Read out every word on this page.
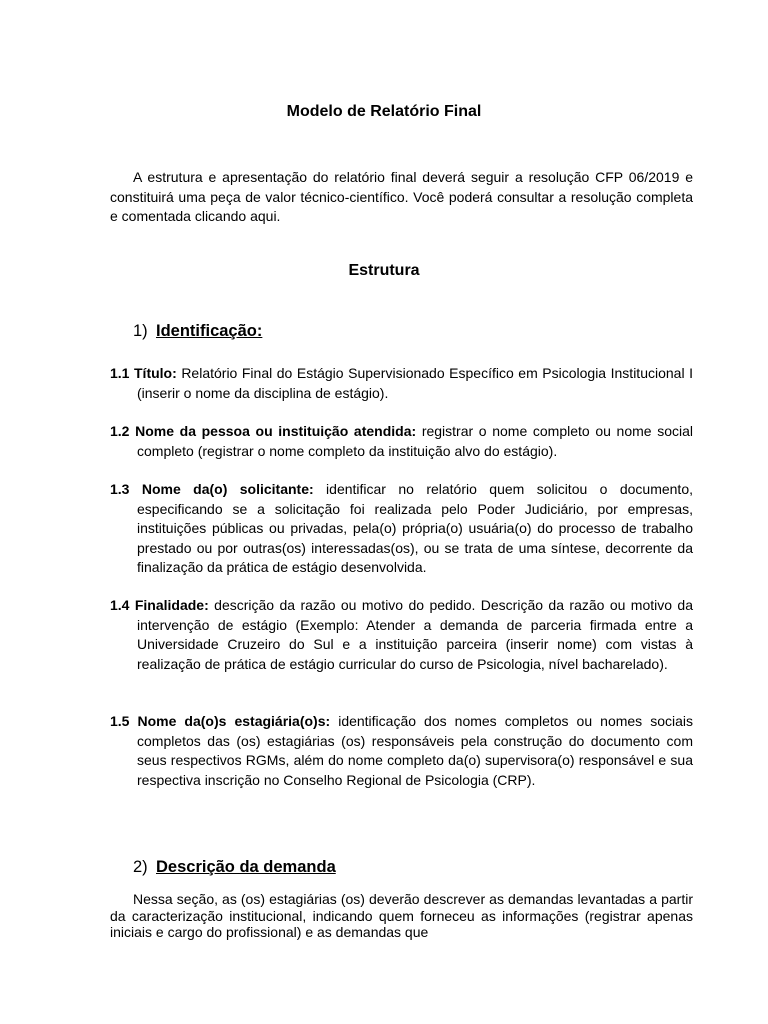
Modelo de Relatório Final

A estrutura e apresentação do relatório final deverá seguir a resolução CFP 06/2019 e constituirá uma peça de valor técnico-científico. Você poderá consultar a resolução completa e comentada clicando aqui.

Estrutura
1) Identificação:

1.1 Título: Relatório Final do Estágio Supervisionado Específico em Psicologia Institucional I (inserir o nome da disciplina de estágio).

1.2 Nome da pessoa ou instituição atendida: registrar o nome completo ou nome social completo (registrar o nome completo da instituição alvo do estágio).

1.3 Nome da(o) solicitante: identificar no relatório quem solicitou o documento, especificando se a solicitação foi realizada pelo Poder Judiciário, por empresas, instituições públicas ou privadas, pela(o) própria(o) usuária(o) do processo de trabalho prestado ou por outras(os) interessadas(os), ou se trata de uma síntese, decorrente da finalização da prática de estágio desenvolvida.

1.4 Finalidade: descrição da razão ou motivo do pedido. Descrição da razão ou motivo da intervenção de estágio (Exemplo: Atender a demanda de parceria firmada entre a Universidade Cruzeiro do Sul e a instituição parceira (inserir nome) com vistas à realização de prática de estágio curricular do curso de Psicologia, nível bacharelado).

1.5 Nome da(o)s estagiária(o)s: identificação dos nomes completos ou nomes sociais completos das (os) estagiárias (os) responsáveis pela construção do documento com seus respectivos RGMs, além do nome completo da(o) supervisora(o) responsável e sua respectiva inscrição no Conselho Regional de Psicologia (CRP).

2) Descrição da demanda

Nessa seção, as (os) estagiárias (os) deverão descrever as demandas levantadas a partir da caracterização institucional, indicando quem forneceu as informações (registrar apenas iniciais e cargo do profissional) e as demandas que
